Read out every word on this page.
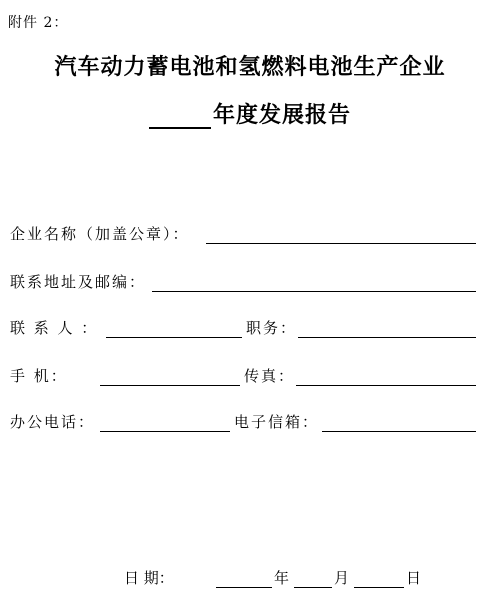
附件 2：
汽车动力蓄电池和氢燃料电池生产企业
年度发展报告
企业名称（加盖公章）：
联系地址及邮编：
联 系 人 ：	职务：
手 机：	传真：
办公电话：	电子信箱：
日 期：	年	月	日
